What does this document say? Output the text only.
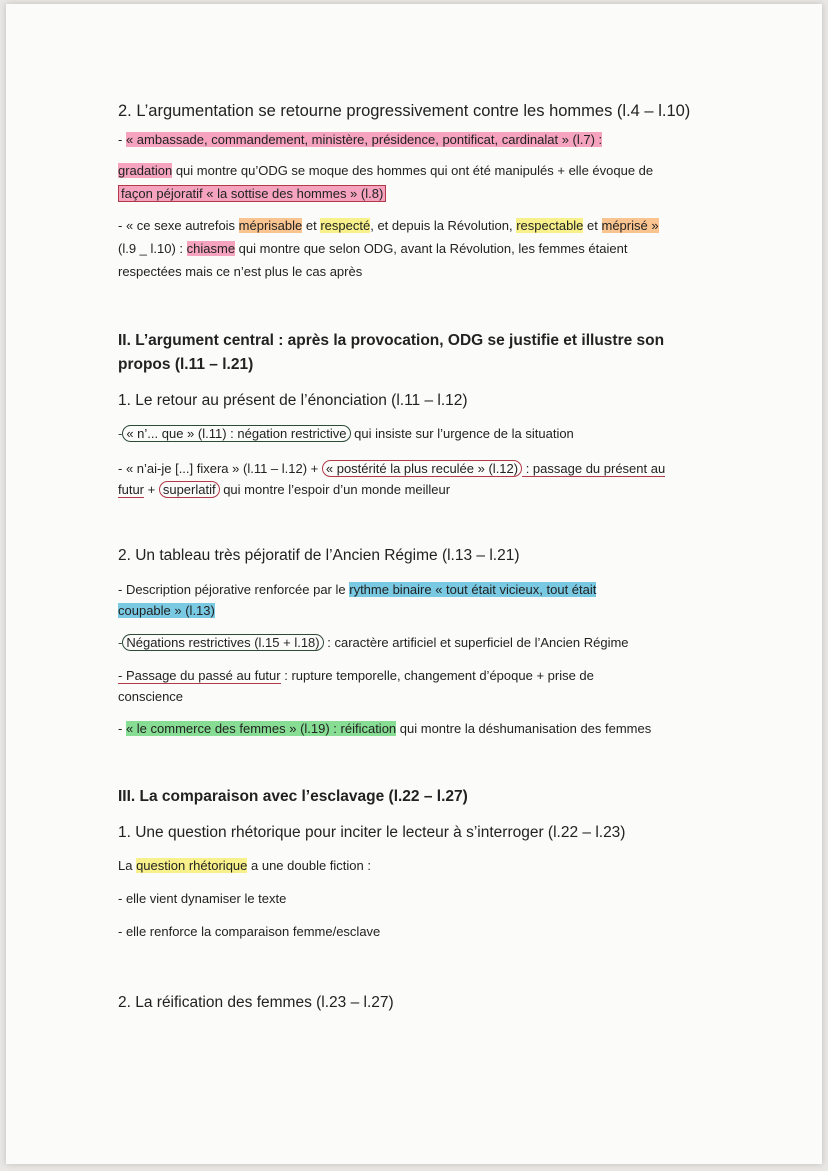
2. L’argumentation se retourne progressivement contre les hommes (l.4 – l.10)
- « ambassade, commandement, ministère, présidence, pontificat, cardinalat » (l.7) :
gradation qui montre qu’ODG se moque des hommes qui ont été manipulés + elle évoque de
façon péjoratif « la sottise des hommes » (l.8)
- « ce sexe autrefois méprisable et respecté, et depuis la Révolution, respectable et méprisé »
(l.9 _ l.10) : chiasme qui montre que selon ODG, avant la Révolution, les femmes étaient
respectées mais ce n’est plus le cas après
II. L’argument central : après la provocation, ODG se justifie et illustre son
propos (l.11 – l.21)
1. Le retour au présent de l’énonciation (l.11 – l.12)
- « n’... que » (l.11) : négation restrictive qui insiste sur l’urgence de la situation
- « n’ai-je [...] fixera » (l.11 – l.12) + « postérité la plus reculée » (l.12) : passage du présent au
futur + superlatif qui montre l’espoir d’un monde meilleur
2. Un tableau très péjoratif de l’Ancien Régime (l.13 – l.21)
- Description péjorative renforcée par le rythme binaire « tout était vicieux, tout était
coupable » (l.13)
- Négations restrictives (l.15 + l.18) : caractère artificiel et superficiel de l’Ancien Régime
- Passage du passé au futur : rupture temporelle, changement d’époque + prise de
conscience
- « le commerce des femmes » (l.19) : réification qui montre la déshumanisation des femmes
III. La comparaison avec l’esclavage (l.22 – l.27)
1. Une question rhétorique pour inciter le lecteur à s’interroger (l.22 – l.23)
La question rhétorique a une double fiction :
- elle vient dynamiser le texte
- elle renforce la comparaison femme/esclave
2. La réification des femmes (l.23 – l.27)
